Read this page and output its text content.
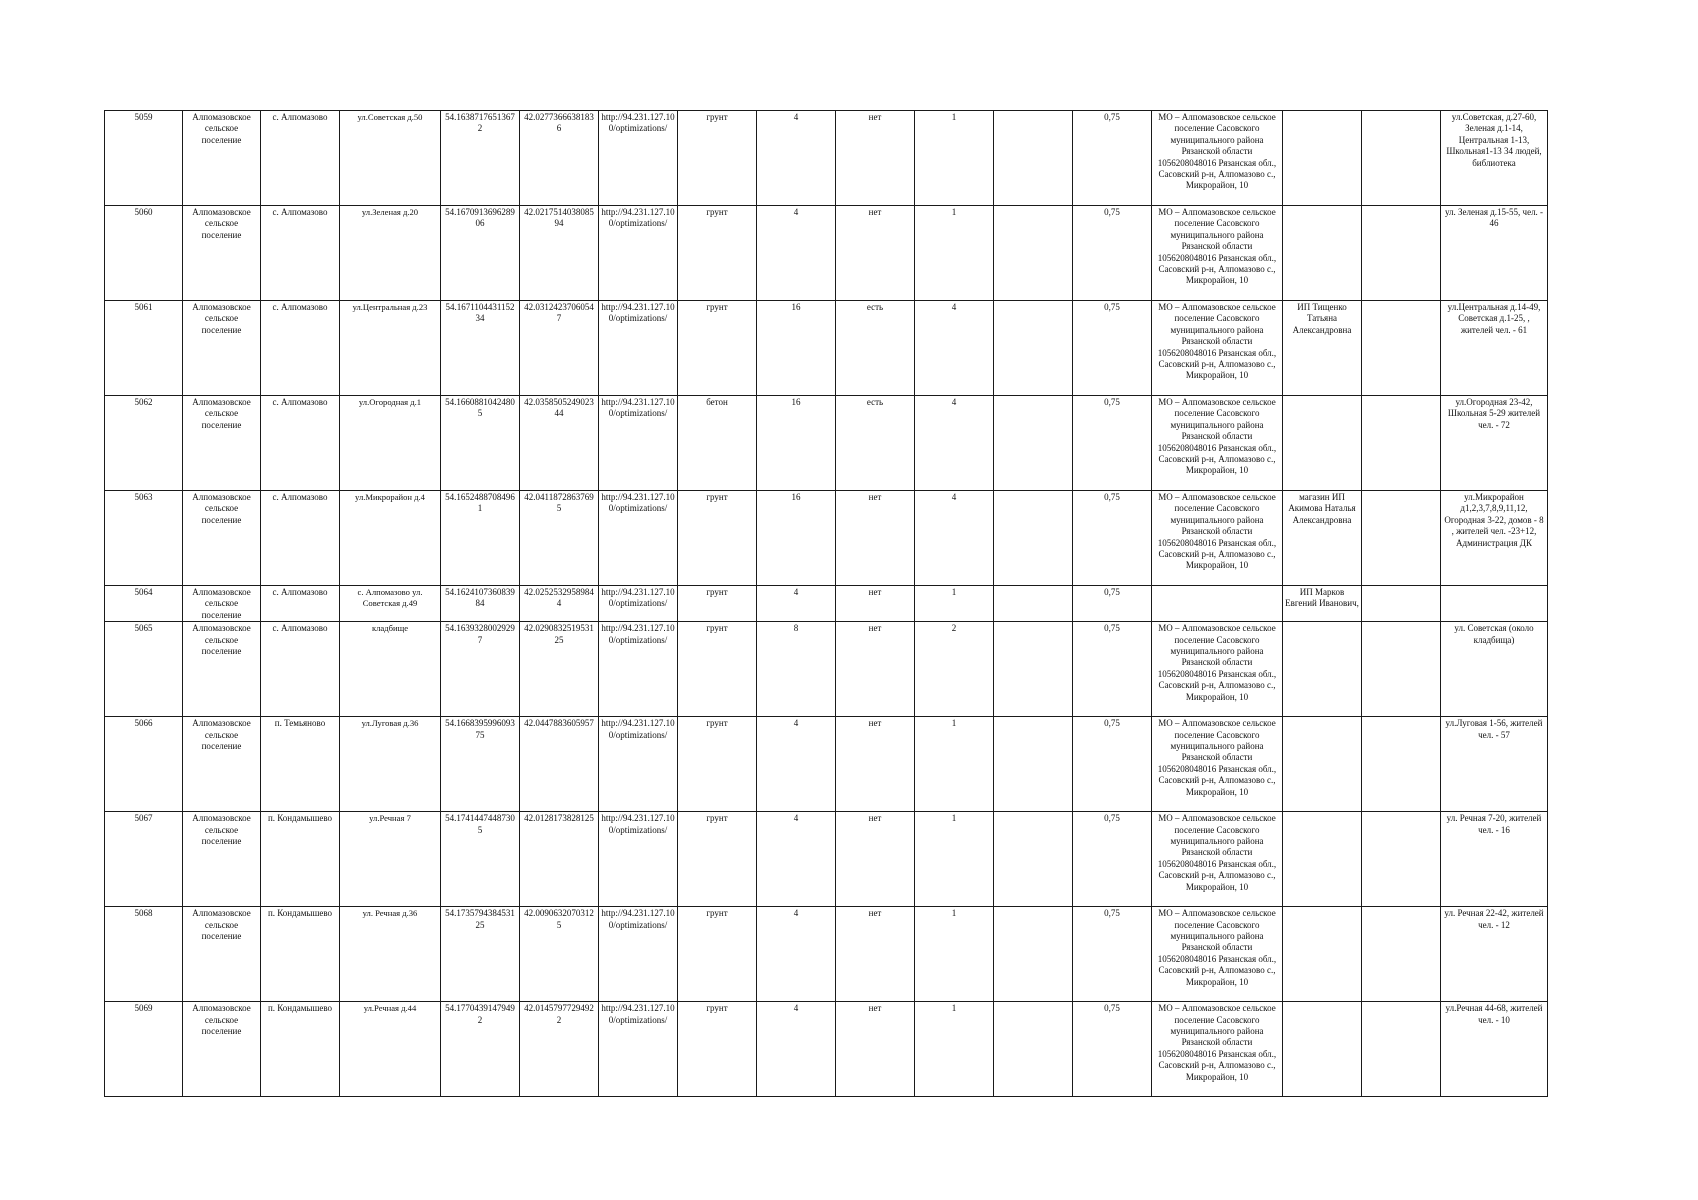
5059	Алпомазовское сельское поселение	с. Алпомазово	ул.Советская д.50	54.1638717651367 2	42.0277366638183 6	http://94.231.127.10 0/optimizations/	грунт	4	нет	1		0,75	МО – Алпомазовское сельское поселение Сасовского муниципального района Рязанской области 1056208048016 Рязанская обл., Сасовский р-н, Алпомазово с., Микрорайон, 10			ул.Советская, д.27-60, Зеленая д.1-14, Центральная 1-13, Школьная1-13 34 людей, библиотека
5060	Алпомазовское сельское поселение	с. Алпомазово	ул.Зеленая д.20	54.1670913696289 06	42.0217514038085 94	http://94.231.127.10 0/optimizations/	грунт	4	нет	1		0,75	МО – Алпомазовское сельское поселение Сасовского муниципального района Рязанской области 1056208048016 Рязанская обл., Сасовский р-н, Алпомазово с., Микрорайон, 10			ул. Зеленая д.15-55, чел. - 46
5061	Алпомазовское сельское поселение	с. Алпомазово	ул.Центральная д.23	54.1671104431152 34	42.0312423706054 7	http://94.231.127.10 0/optimizations/	грунт	16	есть	4		0,75	МО – Алпомазовское сельское поселение Сасовского муниципального района Рязанской области 1056208048016 Рязанская обл., Сасовский р-н, Алпомазово с., Микрорайон, 10	ИП Тищенко Татьяна Александровна		ул.Центральная д.14-49, Советская д.1-25, , жителей чел. - 61
5062	Алпомазовское сельское поселение	с. Алпомазово	ул.Огородная д.1	54.1660881042480 5	42.0358505249023 44	http://94.231.127.10 0/optimizations/	бетон	16	есть	4		0,75	МО – Алпомазовское сельское поселение Сасовского муниципального района Рязанской области 1056208048016 Рязанская обл., Сасовский р-н, Алпомазово с., Микрорайон, 10			ул.Огородная 23-42, Школьная 5-29 жителей чел. - 72
5063	Алпомазовское сельское поселение	с. Алпомазово	ул.Микрорайон д.4	54.1652488708496 1	42.0411872863769 5	http://94.231.127.10 0/optimizations/	грунт	16	нет	4		0,75	МО – Алпомазовское сельское поселение Сасовского муниципального района Рязанской области 1056208048016 Рязанская обл., Сасовский р-н, Алпомазово с., Микрорайон, 10	магазин ИП Акимова Наталья Александровна		ул.Микрорайон д1,2,3,7,8,9,11,12, Огородная 3-22, домов - 8 , жителей чел. -23+12, Администрация ДК
5064	Алпомазовское сельское поселение	с. Алпомазово	с. Алпомазово ул. Советская д.49	54.1624107360839 84	42.0252532958984 4	http://94.231.127.10 0/optimizations/	грунт	4	нет	1		0,75		ИП Марков Евгений Иванович,		
5065	Алпомазовское сельское поселение	с. Алпомазово	кладбище	54.1639328002929 7	42.0290832519531 25	http://94.231.127.10 0/optimizations/	грунт	8	нет	2		0,75	МО – Алпомазовское сельское поселение Сасовского муниципального района Рязанской области 1056208048016 Рязанская обл., Сасовский р-н, Алпомазово с., Микрорайон, 10			ул. Советская (около кладбища)
5066	Алпомазовское сельское поселение	п. Темьяново	ул.Луговая д.36	54.1668395996093 75	42.0447883605957	http://94.231.127.10 0/optimizations/	грунт	4	нет	1		0,75	МО – Алпомазовское сельское поселение Сасовского муниципального района Рязанской области 1056208048016 Рязанская обл., Сасовский р-н, Алпомазово с., Микрорайон, 10			ул.Луговая 1-56, жителей чел. - 57
5067	Алпомазовское сельское поселение	п. Кондамышево	ул.Речная 7	54.1741447448730 5	42.0128173828125	http://94.231.127.10 0/optimizations/	грунт	4	нет	1		0,75	МО – Алпомазовское сельское поселение Сасовского муниципального района Рязанской области 1056208048016 Рязанская обл., Сасовский р-н, Алпомазово с., Микрорайон, 10			ул. Речная 7-20, жителей чел. - 16
5068	Алпомазовское сельское поселение	п. Кондамышево	ул. Речная д.36	54.1735794384531 25	42.0090632070312 5	http://94.231.127.10 0/optimizations/	грунт	4	нет	1		0,75	МО – Алпомазовское сельское поселение Сасовского муниципального района Рязанской области 1056208048016 Рязанская обл., Сасовский р-н, Алпомазово с., Микрорайон, 10			ул. Речная 22-42, жителей чел. - 12
5069	Алпомазовское сельское поселение	п. Кондамышево	ул.Речная д.44	54.1770439147949 2	42.0145797729492 2	http://94.231.127.10 0/optimizations/	грунт	4	нет	1		0,75	МО – Алпомазовское сельское поселение Сасовского муниципального района Рязанской области 1056208048016 Рязанская обл., Сасовский р-н, Алпомазово с., Микрорайон, 10			ул.Речная 44-68, жителей чел. - 10
